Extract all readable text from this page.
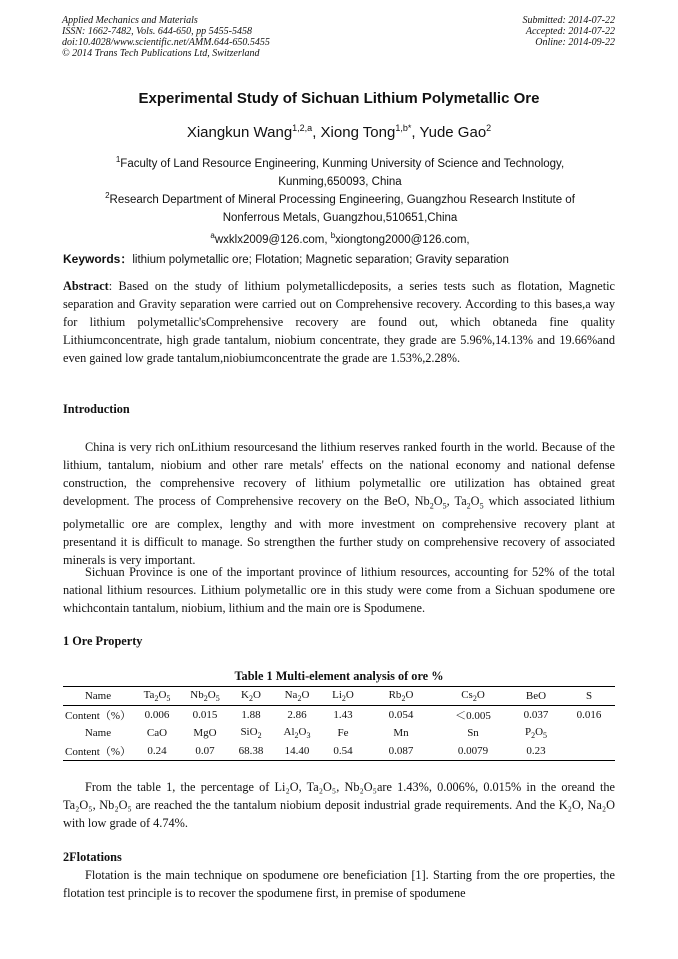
Applied Mechanics and Materials
ISSN: 1662-7482, Vols. 644-650, pp 5455-5458
doi:10.4028/www.scientific.net/AMM.644-650.5455
© 2014 Trans Tech Publications Ltd, Switzerland
Submitted: 2014-07-22
Accepted: 2014-07-22
Online: 2014-09-22
Experimental Study of Sichuan Lithium Polymetallic Ore
Xiangkun Wang$^{1,2,a}$, Xiong Tong$^{1,b*}$, Yude Gao$^2$
$^1$Faculty of Land Resource Engineering, Kunming University of Science and Technology,
Kunming,650093, China
$^2$Research Department of Mineral Processing Engineering, Guangzhou Research Institute of
Nonferrous Metals, Guangzhou,510651,China
$^a$wxklx2009@126.com, $^b$xiongtong2000@126.com,
Keywords：lithium polymetallic ore; Flotation; Magnetic separation; Gravity separation
Abstract: Based on the study of lithium polymetallicdeposits, a series tests such as flotation, Magnetic separation and Gravity separation were carried out on Comprehensive recovery. According to this bases,a way for lithium polymetallic'sComprehensive recovery are found out, which obtaneda fine quality Lithiumconcentrate, high grade tantalum, niobium concentrate, they grade are 5.96%,14.13% and 19.66%and even gained low grade tantalum,niobiumconcentrate the grade are 1.53%,2.28%.
Introduction
China is very rich onLithium resourcesand the lithium reserves ranked fourth in the world. Because of the lithium, tantalum, niobium and other rare metals' effects on the national economy and national defense construction, the comprehensive recovery of lithium polymetallic ore utilization has obtained great development. The process of Comprehensive recovery on the BeO, $Nb_2O_5$, $Ta_2O_5$ which associated lithium polymetallic ore are complex, lengthy and with more investment on comprehensive recovery plant at presentand it is difficult to manage. So strengthen the further study on comprehensive recovery of associated minerals is very important.
Sichuan Province is one of the important province of lithium resources, accounting for 52% of the total national lithium resources. Lithium polymetallic ore in this study were come from a Sichuan spodumene ore whichcontain tantalum, niobium, lithium and the main ore is Spodumene.
1 Ore Property
Table 1 Multi-element analysis of ore %
Name	$Ta_2O_5$	$Nb_2O_5$	$K_2O$	$Na_2O$	$Li_2O$	$Rb_2O$	$Cs_2O$	BeO	S
Content（%）	0.006	0.015	1.88	2.86	1.43	0.054	＜0.005	0.037	0.016
Name	CaO	MgO	SiO$_2$	$Al_2O_3$	Fe	Mn	Sn	$P_2O_5$	
Content（%）	0.24	0.07	68.38	14.40	0.54	0.087	0.0079	0.23	
From the table 1, the percentage of Li₂O, Ta₂O₅, Nb₂O₅are 1.43%, 0.006%, 0.015% in the oreand the Ta₂O₅, Nb₂O₅ are reached the the tantalum niobium deposit industrial grade requirements. And the K₂O, Na₂O with low grade of 4.74%.
2Flotations
Flotation is the main technique on spodumene ore beneficiation [1]. Starting from the ore properties, the flotation test principle is to recover the spodumene first, in premise of spodumene
